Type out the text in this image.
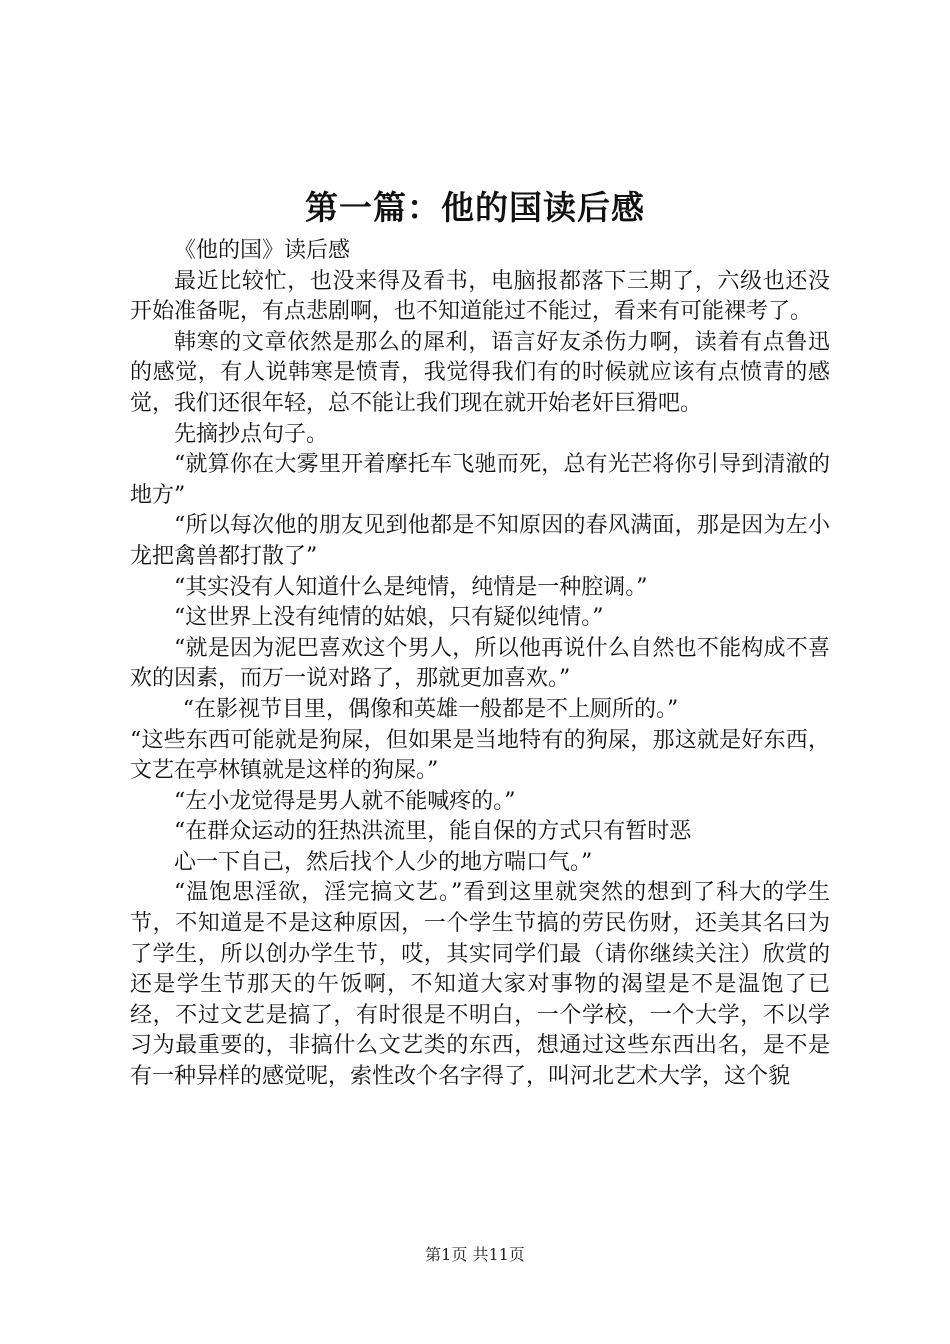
第一篇：他的国读后感

《他的国》读后感

最近比较忙，也没来得及看书，电脑报都落下三期了，六级也还没开始准备呢，有点悲剧啊，也不知道能过不能过，看来有可能裸考了。

韩寒的文章依然是那么的犀利，语言好友杀伤力啊，读着有点鲁迅的感觉，有人说韩寒是愤青，我觉得我们有的时候就应该有点愤青的感觉，我们还很年轻，总不能让我们现在就开始老奸巨猾吧。

先摘抄点句子。

“就算你在大雾里开着摩托车飞驰而死，总有光芒将你引导到清澈的地方”

“所以每次他的朋友见到他都是不知原因的春风满面，那是因为左小龙把禽兽都打散了”

“其实没有人知道什么是纯情，纯情是一种腔调。”

“这世界上没有纯情的姑娘，只有疑似纯情。”

“就是因为泥巴喜欢这个男人，所以他再说什么自然也不能构成不喜欢的因素，而万一说对路了，那就更加喜欢。”

“在影视节目里，偶像和英雄一般都是不上厕所的。”

“这些东西可能就是狗屎，但如果是当地特有的狗屎，那这就是好东西，文艺在亭林镇就是这样的狗屎。”

“左小龙觉得是男人就不能喊疼的。”

“在群众运动的狂热洪流里，能自保的方式只有暂时恶

心一下自己，然后找个人少的地方喘口气。”

“温饱思淫欲，淫完搞文艺。”看到这里就突然的想到了科大的学生节，不知道是不是这种原因，一个学生节搞的劳民伤财，还美其名曰为了学生，所以创办学生节，哎，其实同学们最（请你继续关注）欣赏的还是学生节那天的午饭啊，不知道大家对事物的渴望是不是温饱了已经，不过文艺是搞了，有时很是不明白，一个学校，一个大学，不以学习为最重要的，非搞什么文艺类的东西，想通过这些东西出名，是不是有一种异样的感觉呢，索性改个名字得了，叫河北艺术大学，这个貌

第1页 共11页
